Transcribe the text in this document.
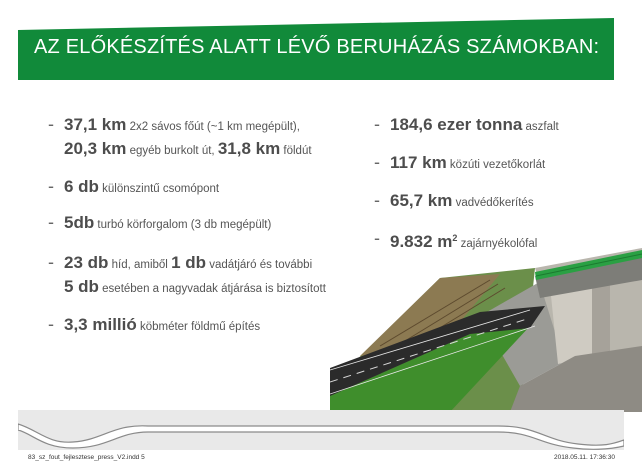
AZ ELŐKÉSZÍTÉS ALATT LÉVŐ BERUHÁZÁS SZÁMOKBAN:
- 37,1 km 2x2 sávos főút (~1 km megépült),
20,3 km egyéb burkolt út, 31,8 km földút
- 6 db különszintű csomópont
- 5db turbó körforgalom (3 db megépült)
- 23 db híd, amiből 1 db vadátjáró és további
5 db esetében a nagyvadak átjárása is biztosított
- 3,3 millió köbméter földmű építés
- 184,6 ezer tonna aszfalt
- 117 km közúti vezetőkorlát
- 65,7 km vadvédőkerítés
- 9.832 $m^2$ zajárnyékolófal
83_sz_fout_fejlesztese_press_V2.indd 5	2018.05.11. 17:36:30
